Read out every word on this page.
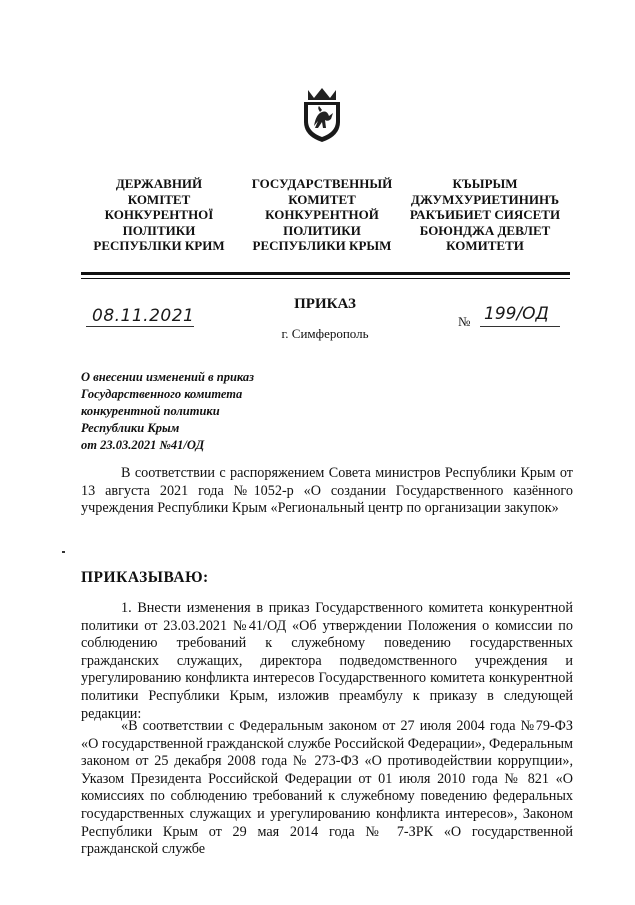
ДЕРЖАВНИЙ
КОМІТЕТ
КОНКУРЕНТНОЇ
ПОЛІТИКИ
РЕСПУБЛІКИ КРИМ
ГОСУДАРСТВЕННЫЙ
КОМИТЕТ
КОНКУРЕНТНОЙ
ПОЛИТИКИ
РЕСПУБЛИКИ КРЫМ
КЪЫРЫМ
ДЖУМХУРИЕТИНИНЪ
РАКЪИБИЕТ СИЯСЕТИ
БОЮНДЖА ДЕВЛЕТ
КОМИТЕТИ
ПРИКАЗ
г. Симферополь
08.11.2021	№ 199/ОД
О внесении изменений в приказ
Государственного комитета
конкурентной политики
Республики Крым
от 23.03.2021 №41/ОД
В соответствии с распоряжением Совета министров Республики Крым от 13 августа 2021 года №1052-р «О создании Государственного казённого учреждения Республики Крым «Региональный центр по организации закупок»
ПРИКАЗЫВАЮ:
1. Внести изменения в приказ Государственного комитета конкурентной политики от 23.03.2021 №41/ОД «Об утверждении Положения о комиссии по соблюдению требований к служебному поведению государственных гражданских служащих, директора подведомственного учреждения и урегулированию конфликта интересов Государственного комитета конкурентной политики Республики Крым, изложив преамбулу к приказу в следующей редакции:
«В соответствии с Федеральным законом от 27 июля 2004 года №79-ФЗ «О государственной гражданской службе Российской Федерации», Федеральным законом от 25 декабря 2008 года № 273-ФЗ «О противодействии коррупции», Указом Президента Российской Федерации от 01 июля 2010 года № 821 «О комиссиях по соблюдению требований к служебному поведению федеральных государственных служащих и урегулированию конфликта интересов», Законом Республики Крым от 29 мая 2014 года № 7-ЗРК «О государственной гражданской службе
